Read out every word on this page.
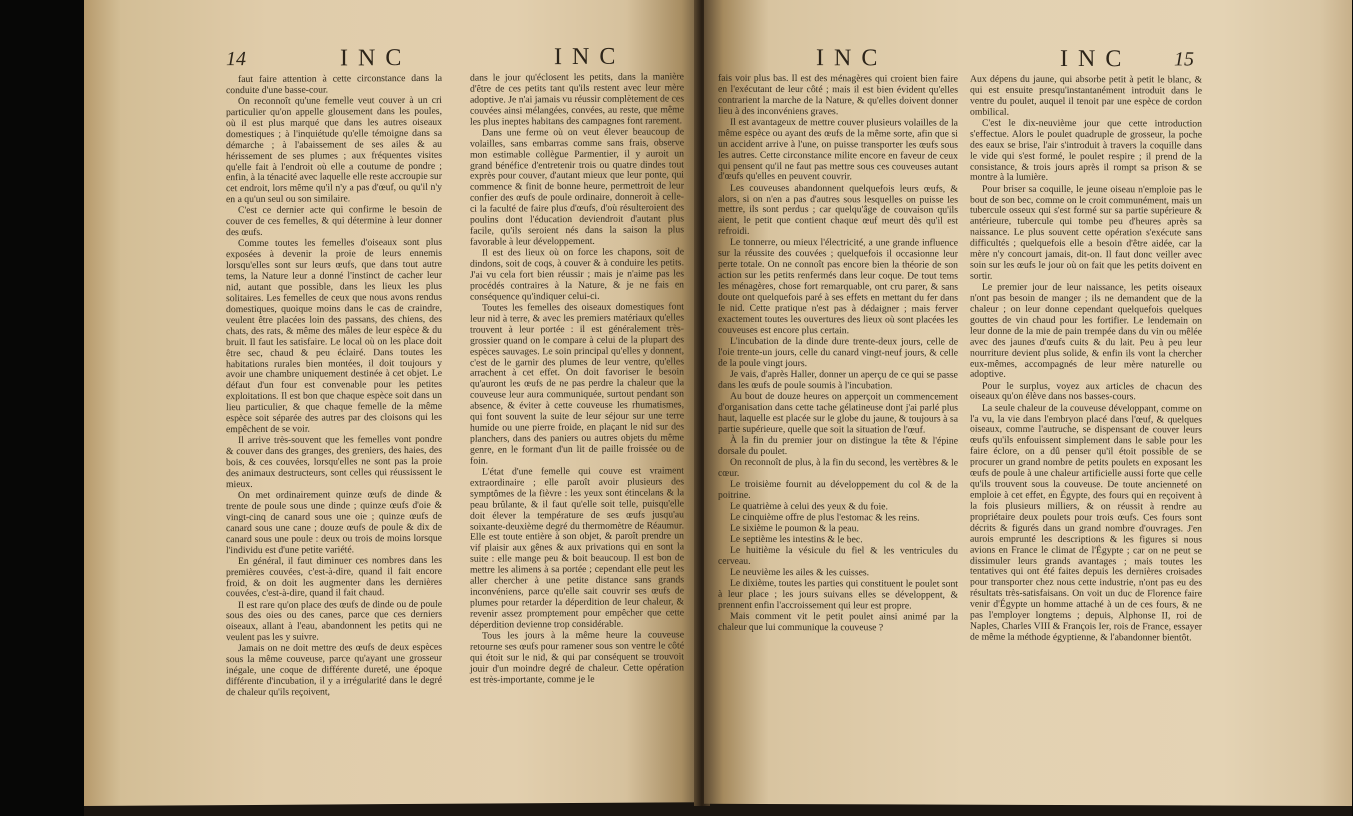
14	INC	INC

faut faire attention à cette circonstance dans la conduite d'une basse-cour.

On reconnoît qu'une femelle veut couver à un cri particulier qu'on appelle glousement dans les poules, où il est plus marqué que dans les autres oiseaux domestiques ; à l'inquiétude qu'elle témoigne dans sa démarche ; à l'abaissement de ses ailes & au hérissement de ses plumes ; aux fréquentes visites qu'elle fait à l'endroit où elle a coutume de pondre ; enfin, à la ténacité avec laquelle elle reste accroupie sur cet endroit, lors même qu'il n'y a pas d'œuf, ou qu'il n'y en a qu'un seul ou son similaire.

C'est ce dernier acte qui confirme le besoin de couver de ces femelles, & qui détermine à leur donner des œufs.

Comme toutes les femelles d'oiseaux sont plus exposées à devenir la proie de leurs ennemis lorsqu'elles sont sur leurs œufs, que dans tout autre tems, la Nature leur a donné l'instinct de cacher leur nid, autant que possible, dans les lieux les plus solitaires. Les femelles de ceux que nous avons rendus domestiques, quoique moins dans le cas de craindre, veulent être placées loin des passans, des chiens, des chats, des rats, & même des mâles de leur espèce & du bruit. Il faut les satisfaire. Le local où on les place doit être sec, chaud & peu éclairé. Dans toutes les habitations rurales bien montées, il doit toujours y avoir une chambre uniquement destinée à cet objet. Le défaut d'un four est convenable pour les petites exploitations. Il est bon que chaque espèce soit dans un lieu particulier, & que chaque femelle de la même espèce soit séparée des autres par des cloisons qui les empêchent de se voir.

Il arrive très-souvent que les femelles vont pondre & couver dans des granges, des greniers, des haies, des bois, & ces couvées, lorsqu'elles ne sont pas la proie des animaux destructeurs, sont celles qui réussissent le mieux.

On met ordinairement quinze œufs de dinde & trente de poule sous une dinde ; quinze œufs d'oie & vingt-cinq de canard sous une oie ; quinze œufs de canard sous une cane ; douze œufs de poule & dix de canard sous une poule : deux ou trois de moins lorsque l'individu est d'une petite variété.

En général, il faut diminuer ces nombres dans les premières couvées, c'est-à-dire, quand il fait encore froid, & on doit les augmenter dans les dernières couvées, c'est-à-dire, quand il fait chaud.

Il est rare qu'on place des œufs de dinde ou de poule sous des oies ou des canes, parce que ces derniers oiseaux, allant à l'eau, abandonnent les petits qui ne veulent pas les y suivre.

Jamais on ne doit mettre des œufs de deux espèces sous la même couveuse, parce qu'ayant une grosseur inégale, une coque de différente dureté, une époque différente d'incubation, il y a irrégularité dans le degré de chaleur qu'ils reçoivent,

dans le jour qu'éclosent les petits, dans la manière d'être de ces petits tant qu'ils restent avec leur mère adoptive. Je n'ai jamais vu réussir complètement de ces couvées ainsi mélangées, convées, au reste, que même les plus ineptes habitans des campagnes font rarement.

Dans une ferme où on veut élever beaucoup de volailles, sans embarras comme sans frais, observe mon estimable collègue Parmentier, il y auroit un grand bénéfice d'entretenir trois ou quatre dindes tout exprès pour couver, d'autant mieux que leur ponte, qui commence & finit de bonne heure, permettroit de leur confier des œufs de poule ordinaire, donneroit à celle-ci la faculté de faire plus d'œufs, d'où résulteroient des poulins dont l'éducation deviendroit d'autant plus facile, qu'ils seroient nés dans la saison la plus favorable à leur développement.

Il est des lieux où on force les chapons, soit de dindons, soit de coqs, à couver & à conduire les petits. J'ai vu cela fort bien réussir ; mais je n'aime pas les procédés contraires à la Nature, & je ne fais en conséquence qu'indiquer celui-ci.

Toutes les femelles des oiseaux domestiques font leur nid à terre, & avec les premiers matériaux qu'elles trouvent à leur portée : il est généralement très-grossier quand on le compare à celui de la plupart des espèces sauvages. Le soin principal qu'elles y donnent, c'est de le garnir des plumes de leur ventre, qu'elles arrachent à cet effet. On doit favoriser le besoin qu'auront les œufs de ne pas perdre la chaleur que la couveuse leur aura communiquée, surtout pendant son absence, & éviter à cette couveuse les rhumatismes, qui font souvent la suite de leur séjour sur une terre humide ou une pierre froide, en plaçant le nid sur des planchers, dans des paniers ou autres objets du même genre, en le formant d'un lit de paille froissée ou de foin.

L'état d'une femelle qui couve est vraiment extraordinaire ; elle paroît avoir plusieurs des symptômes de la fièvre : les yeux sont étincelans & la peau brûlante, & il faut qu'elle soit telle, puisqu'elle doit élever la température de ses œufs jusqu'au soixante-deuxième degré du thermomètre de Réaumur. Elle est toute entière à son objet, & paroît prendre un vif plaisir aux gênes & aux privations qui en sont la suite : elle mange peu & boit beaucoup. Il est bon de mettre les alimens à sa portée ; cependant elle peut les aller chercher à une petite distance sans grands inconvéniens, parce qu'elle sait couvrir ses œufs de plumes pour retarder la déperdition de leur chaleur, & revenir assez promptement pour empêcher que cette déperdition devienne trop considérable.

Tous les jours à la même heure la couveuse retourne ses œufs pour ramener sous son ventre le côté qui étoit sur le nid, & qui par conséquent se trouvoit jouir d'un moindre degré de chaleur. Cette opération est très-importante, comme je le

INC	INC 15

fais voir plus bas. Il est des ménagères qui croient bien faire en l'exécutant de leur côté ; mais il est bien évident qu'elles contrarient la marche de la Nature, & qu'elles doivent donner lieu à des inconvéniens graves.

Il est avantageux de mettre couver plusieurs volailles de la même espèce ou ayant des œufs de la même sorte, afin que si un accident arrive à l'une, on puisse transporter les œufs sous les autres. Cette circonstance milite encore en faveur de ceux qui pensent qu'il ne faut pas mettre sous ces couveuses autant d'œufs qu'elles en peuvent couvrir.

Les couveuses abandonnent quelquefois leurs œufs, & alors, si on n'en a pas d'autres sous lesquelles on puisse les mettre, ils sont perdus ; car quelqu'âge de couvaison qu'ils aient, le petit que contient chaque œuf meurt dès qu'il est refroidi.

Le tonnerre, ou mieux l'électricité, a une grande influence sur la réussite des couvées ; quelquefois il occasionne leur perte totale. On ne connoît pas encore bien la théorie de son action sur les petits renfermés dans leur coque. De tout tems les ménagères, chose fort remarquable, ont cru parer, & sans doute ont quelquefois paré à ses effets en mettant du fer dans le nid. Cette pratique n'est pas à dédaigner ; mais ferver exactement toutes les ouvertures des lieux où sont placées les couveuses est encore plus certain.

L'incubation de la dinde dure trente-deux jours, celle de l'oie trente-un jours, celle du canard vingt-neuf jours, & celle de la poule vingt jours.

Je vais, d'après Haller, donner un aperçu de ce qui se passe dans les œufs de poule soumis à l'incubation.

Au bout de douze heures on apperçoit un commencement d'organisation dans cette tache gélatineuse dont j'ai parlé plus haut, laquelle est placée sur le globe du jaune, & toujours à sa partie supérieure, quelle que soit la situation de l'œuf.

À la fin du premier jour on distingue la tête & l'épine dorsale du poulet.

On reconnoît de plus, à la fin du second, les vertèbres & le cœur.

Le troisième fournit au développement du col & de la poitrine.

Le quatrième à celui des yeux & du foie.

Le cinquième offre de plus l'estomac & les reins.

Le sixième le poumon & la peau.

Le septième les intestins & le bec.

Le huitième la vésicule du fiel & les ventricules du cerveau.

Le neuvième les ailes & les cuisses.

Le dixième, toutes les parties qui constituent le poulet sont à leur place ; les jours suivans elles se développent, & prennent enfin l'accroissement qui leur est propre.

Mais comment vit le petit poulet ainsi animé par la chaleur que lui communique la couveuse ?

Aux dépens du jaune, qui absorbe petit à petit le blanc, & qui est ensuite presqu'instantanément introduit dans le ventre du poulet, auquel il tenoit par une espèce de cordon ombilical.

C'est le dix-neuvième jour que cette introduction s'effectue. Alors le poulet quadruple de grosseur, la poche des eaux se brise, l'air s'introduit à travers la coquille dans le vide qui s'est formé, le poulet respire ; il prend de la consistance, & trois jours après il rompt sa prison & se montre à la lumière.

Pour briser sa coquille, le jeune oiseau n'emploie pas le bout de son bec, comme on le croit communément, mais un tubercule osseux qui s'est formé sur sa partie supérieure & antérieure, tubercule qui tombe peu d'heures après sa naissance. Le plus souvent cette opération s'exécute sans difficultés ; quelquefois elle a besoin d'être aidée, car la mère n'y concourt jamais, dit-on. Il faut donc veiller avec soin sur les œufs le jour où on fait que les petits doivent en sortir.

Le premier jour de leur naissance, les petits oiseaux n'ont pas besoin de manger ; ils ne demandent que de la chaleur ; on leur donne cependant quelquefois quelques gouttes de vin chaud pour les fortifier. Le lendemain on leur donne de la mie de pain trempée dans du vin ou mêlée avec des jaunes d'œufs cuits & du lait. Peu à peu leur nourriture devient plus solide, & enfin ils vont la chercher eux-mêmes, accompagnés de leur mère naturelle ou adoptive.

Pour le surplus, voyez aux articles de chacun des oiseaux qu'on élève dans nos basses-cours.

La seule chaleur de la couveuse développant, comme on l'a vu, la vie dans l'embryon placé dans l'œuf, & quelques oiseaux, comme l'autruche, se dispensant de couver leurs œufs qu'ils enfouissent simplement dans le sable pour les faire éclore, on a dû penser qu'il étoit possible de se procurer un grand nombre de petits poulets en exposant les œufs de poule à une chaleur artificielle aussi forte que celle qu'ils trouvent sous la couveuse. De toute ancienneté on emploie à cet effet, en Égypte, des fours qui en reçoivent à la fois plusieurs milliers, & on réussit à rendre au propriétaire deux poulets pour trois œufs. Ces fours sont décrits & figurés dans un grand nombre d'ouvrages. J'en aurois emprunté les descriptions & les figures si nous avions en France le climat de l'Égypte ; car on ne peut se dissimuler leurs grands avantages ; mais toutes les tentatives qui ont été faites depuis les dernières croisades pour transporter chez nous cette industrie, n'ont pas eu des résultats très-satisfaisans. On voit un duc de Florence faire venir d'Égypte un homme attaché à un de ces fours, & ne pas l'employer longtems ; depuis, Alphonse II, roi de Naples, Charles VIII & François Ier, rois de France, essayer de même la méthode égyptienne, & l'abandonner bientôt.
